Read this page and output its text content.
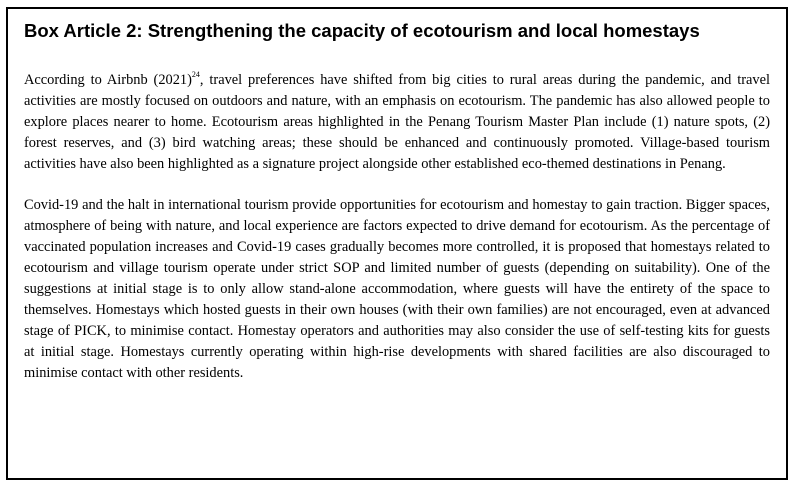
Box Article 2: Strengthening the capacity of ecotourism and local homestays

According to Airbnb $(2021)^{24}$, travel preferences have shifted from big cities to rural areas during the pandemic, and travel activities are mostly focused on outdoors and nature, with an emphasis on ecotourism. The pandemic has also allowed people to explore places nearer to home. Ecotourism areas highlighted in the Penang Tourism Master Plan include (1) nature spots, (2) forest reserves, and (3) bird watching areas; these should be enhanced and continuously promoted. Village-based tourism activities have also been highlighted as a signature project alongside other established eco-themed destinations in Penang.

Covid-19 and the halt in international tourism provide opportunities for ecotourism and homestay to gain traction. Bigger spaces, atmosphere of being with nature, and local experience are factors expected to drive demand for ecotourism. As the percentage of vaccinated population increases and Covid-19 cases gradually becomes more controlled, it is proposed that homestays related to ecotourism and village tourism operate under strict SOP and limited number of guests (depending on suitability). One of the suggestions at initial stage is to only allow stand-alone accommodation, where guests will have the entirety of the space to themselves. Homestays which hosted guests in their own houses (with their own families) are not encouraged, even at advanced stage of PICK, to minimise contact. Homestay operators and authorities may also consider the use of self-testing kits for guests at initial stage. Homestays currently operating within high-rise developments with shared facilities are also discouraged to minimise contact with other residents.
